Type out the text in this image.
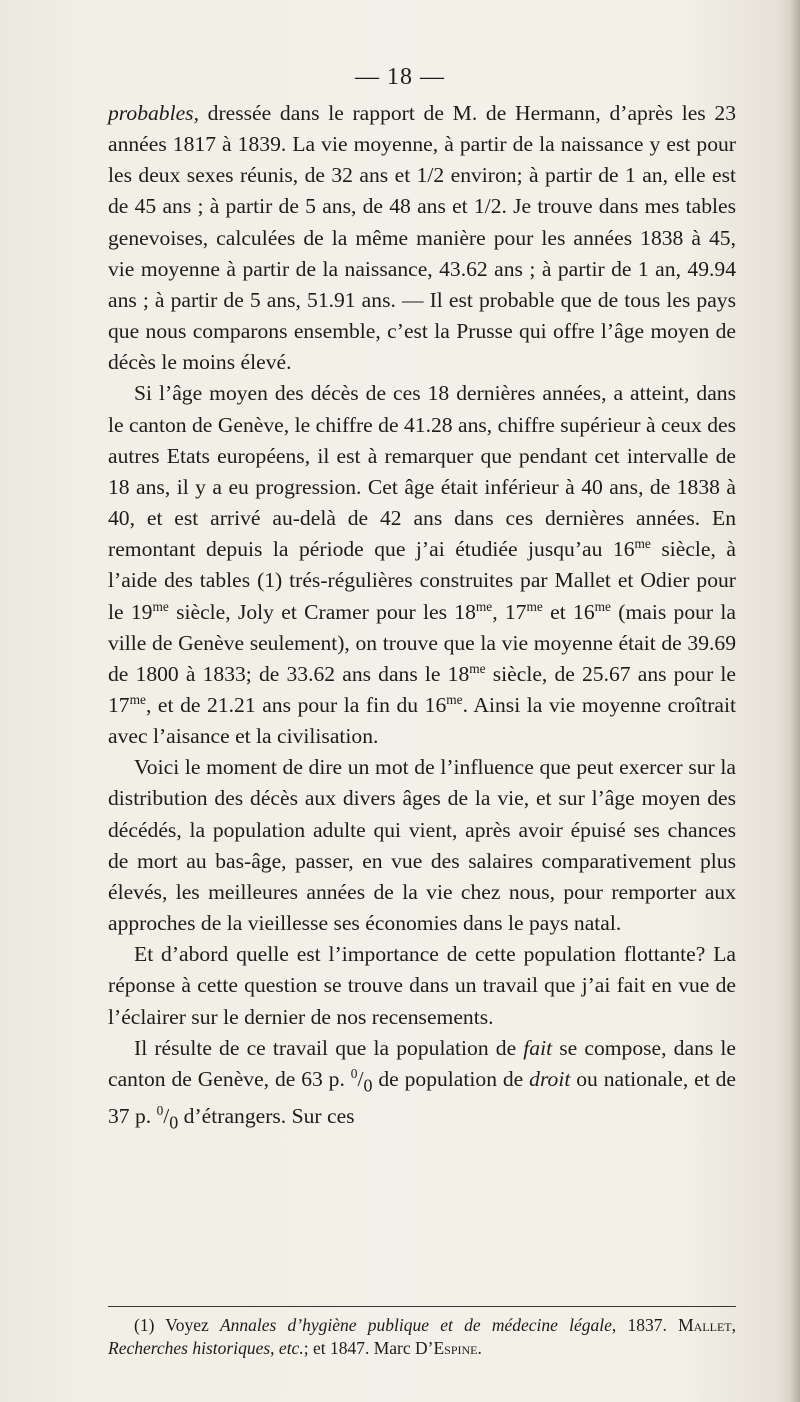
— 18 —

probables, dressée dans le rapport de M. de Hermann, d’après les 23 années 1817 à 1839. La vie moyenne, à partir de la naissance y est pour les deux sexes réunis, de 32 ans et 1/2 environ; à partir de 1 an, elle est de 45 ans ; à partir de 5 ans, de 48 ans et 1/2. Je trouve dans mes tables genevoises, calculées de la même manière pour les années 1838 à 45, vie moyenne à partir de la naissance, 43.62 ans ; à partir de 1 an, 49.94 ans ; à partir de 5 ans, 51.91 ans. — Il est probable que de tous les pays que nous comparons ensemble, c’est la Prusse qui offre l’âge moyen de décès le moins élevé.

Si l’âge moyen des décès de ces 18 dernières années, a atteint, dans le canton de Genève, le chiffre de 41.28 ans, chiffre supérieur à ceux des autres Etats européens, il est à remarquer que pendant cet intervalle de 18 ans, il y a eu progression. Cet âge était inférieur à 40 ans, de 1838 à 40, et est arrivé au-delà de 42 ans dans ces dernières années. En remontant depuis la période que j’ai étudiée jusqu’au $16^{me}$ siècle, à l’aide des tables (1) trés-régulières construites par Mallet et Odier pour le $19^{me}$ siècle, Joly et Cramer pour les $18^{me}$, $17^{me}$ et $16^{me}$ (mais pour la ville de Genève seulement), on trouve que la vie moyenne était de 39.69 de 1800 à 1833; de 33.62 ans dans le $18^{me}$ siècle, de 25.67 ans pour le $17^{me}$, et de 21.21 ans pour la fin du $16^{me}$. Ainsi la vie moyenne croîtrait avec l’aisance et la civilisation.

Voici le moment de dire un mot de l’influence que peut exercer sur la distribution des décès aux divers âges de la vie, et sur l’âge moyen des décédés, la population adulte qui vient, après avoir épuisé ses chances de mort au bas-âge, passer, en vue des salaires comparativement plus élevés, les meilleures années de la vie chez nous, pour remporter aux approches de la vieillesse ses économies dans le pays natal.

Et d’abord quelle est l’importance de cette population flottante? La réponse à cette question se trouve dans un travail que j’ai fait en vue de l’éclairer sur le dernier de nos recensements.

Il résulte de ce travail que la population de fait se compose, dans le canton de Genève, de 63 p. $^0/_0$ de population de droit ou nationale, et de 37 p. $^0/_0$ d’étrangers. Sur ces

(1) Voyez Annales d’hygiène publique et de médecine légale, 1837. Mallet, Recherches historiques, etc.; et 1847. Marc D’Espine.
